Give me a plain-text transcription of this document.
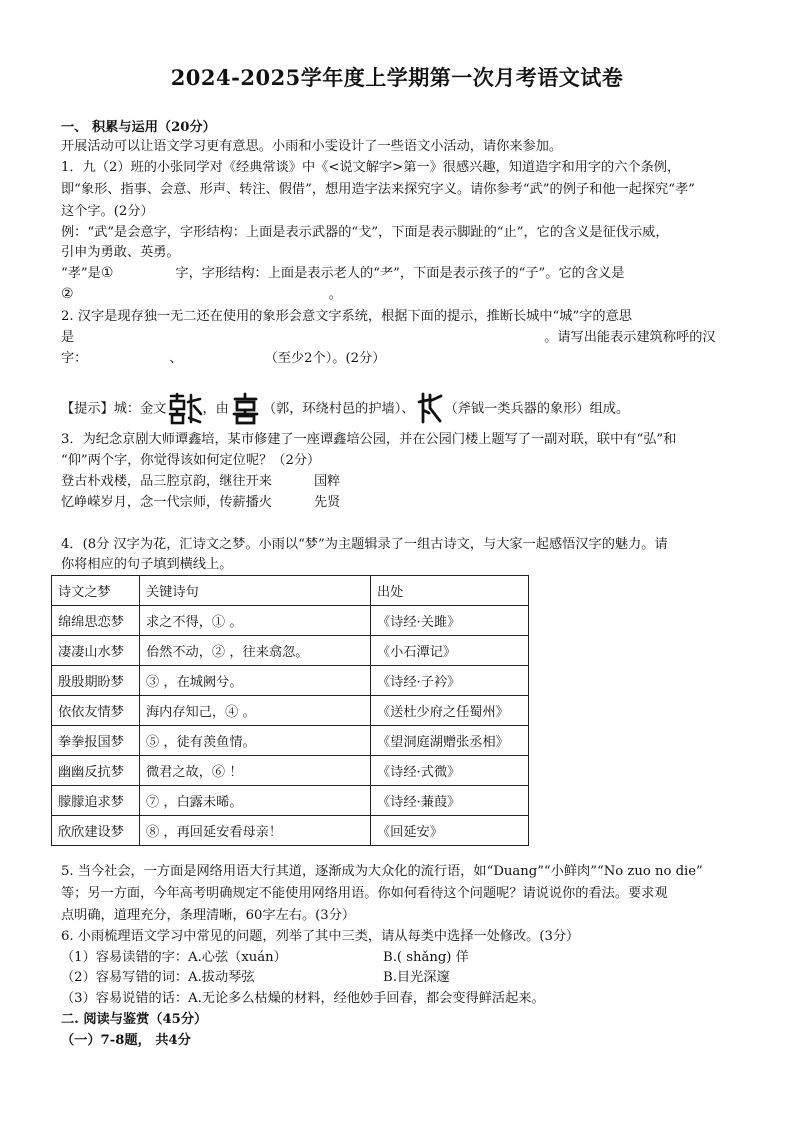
2024-2025学年度上学期第一次月考语文试卷
一、 积累与运用（20分）
开展活动可以让语文学习更有意思。小雨和小雯设计了一些语文小活动，请你来参加。
1．九（2）班的小张同学对《经典常谈》中《<说文解字>第一》很感兴趣，知道造字和用字的六个条例，
即“象形、指事、会意、形声、转注、假借”，想用造字法来探究字义。请你参考“武”的例子和他一起探究“孝”
这个字。(2分）
例：“武”是会意字，字形结构：上面是表示武器的“戈”，下面是表示脚趾的“止”，它的含义是征伐示威，
引申为勇敢、英勇。
“孝”是①	字，字形结构：上面是表示老人的“耂”，下面是表示孩子的“子”。它的含义是
②	。
2. 汉字是现存独一无二还在使用的象形会意文字系统，根据下面的提示，推断长城中“城”字的意思
是	。请写出能表示建筑称呼的汉
字：	、	（至少2个）。(2分）
【提示】城：金文	，由	（郭，环绕村邑的护墙）、 （斧钺一类兵器的象形）组成。
3．为纪念京剧大师谭鑫培，某市修建了一座谭鑫培公园，并在公园门楼上题写了一副对联，联中有“弘”和
“仰”两个字，你觉得该如何定位呢？（2分）
登古朴戏楼，品三腔京韵，继往开来	国粹
忆峥嵘岁月，念一代宗师，传薪播火	先贤
4．(8分 汉字为花，汇诗文之梦。小雨以“梦”为主题辑录了一组古诗文，与大家一起感悟汉字的魅力。请
你将相应的句子填到横线上。
诗文之梦	关键诗句	出处
绵绵思恋梦	求之不得，① 。	《诗经·关雎》
凄凄山水梦	佁然不动，② ，往来翕忽。	《小石潭记》
殷殷期盼梦	③ ，在城阙兮。	《诗经·子衿》
依依友情梦	海内存知己，④ 。	《送杜少府之任蜀州》
拳拳报国梦	⑤ ，徒有羡鱼情。	《望洞庭湖赠张丞相》
幽幽反抗梦	微君之故，⑥ ！	《诗经·式微》
朦朦追求梦	⑦ ，白露未晞。	《诗经·蒹葭》
欣欣建设梦	⑧ ，再回延安看母亲！	《回延安》
5. 当今社会，一方面是网络用语大行其道，逐渐成为大众化的流行语，如“Duang”“小鲜肉”“No zuo no die”
等；另一方面，今年高考明确规定不能使用网络用语。你如何看待这个问题呢？请说说你的看法。要求观
点明确，道理充分，条理清晰，60字左右。(3分）
6. 小雨梳理语文学习中常见的问题，列举了其中三类，请从每类中选择一处修改。(3分）
（1）容易读错的字：A.心弦（xuán）	B.( shǎng) 佯
（2）容易写错的词：A.拔动琴弦	B.目光深邃
（3）容易说错的话：A.无论多么枯燥的材料，经他妙手回春，都会变得鲜活起来。
二. 阅读与鉴赏（45分）
（一）7-8题， 共4分
